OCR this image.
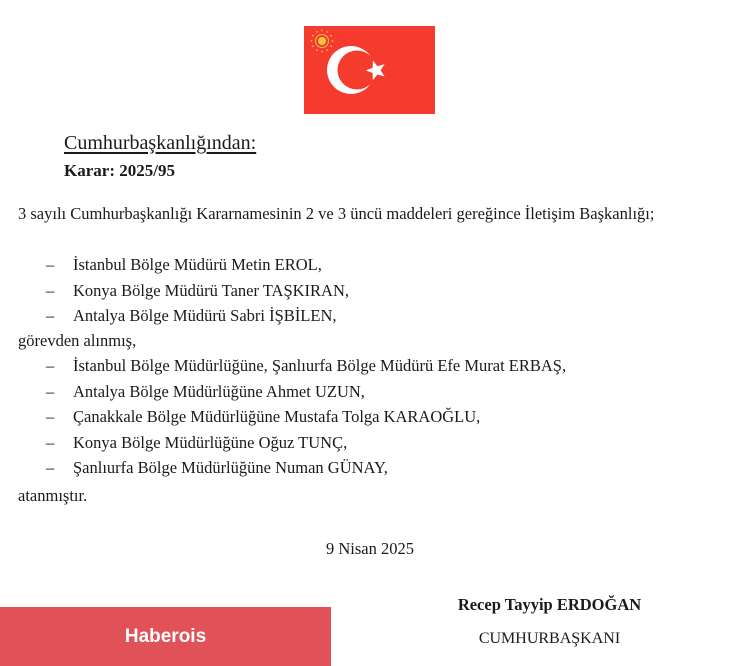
Cumhurbaşkanlığından:
Karar: 2025/95

3 sayılı Cumhurbaşkanlığı Kararnamesinin 2 ve 3 üncü maddeleri gereğince İletişim Başkanlığı;

– İstanbul Bölge Müdürü Metin EROL,
– Konya Bölge Müdürü Taner TAŞKIRAN,
– Antalya Bölge Müdürü Sabri İŞBİLEN,
görevden alınmış,
– İstanbul Bölge Müdürlüğüne, Şanlıurfa Bölge Müdürü Efe Murat ERBAŞ,
– Antalya Bölge Müdürlüğüne Ahmet UZUN,
– Çanakkale Bölge Müdürlüğüne Mustafa Tolga KARAOĞLU,
– Konya Bölge Müdürlüğüne Oğuz TUNÇ,
– Şanlıurfa Bölge Müdürlüğüne Numan GÜNAY,
atanmıştır.
9 Nisan 2025
Recep Tayyip ERDOĞAN
CUMHURBAŞKANI
Haberois
